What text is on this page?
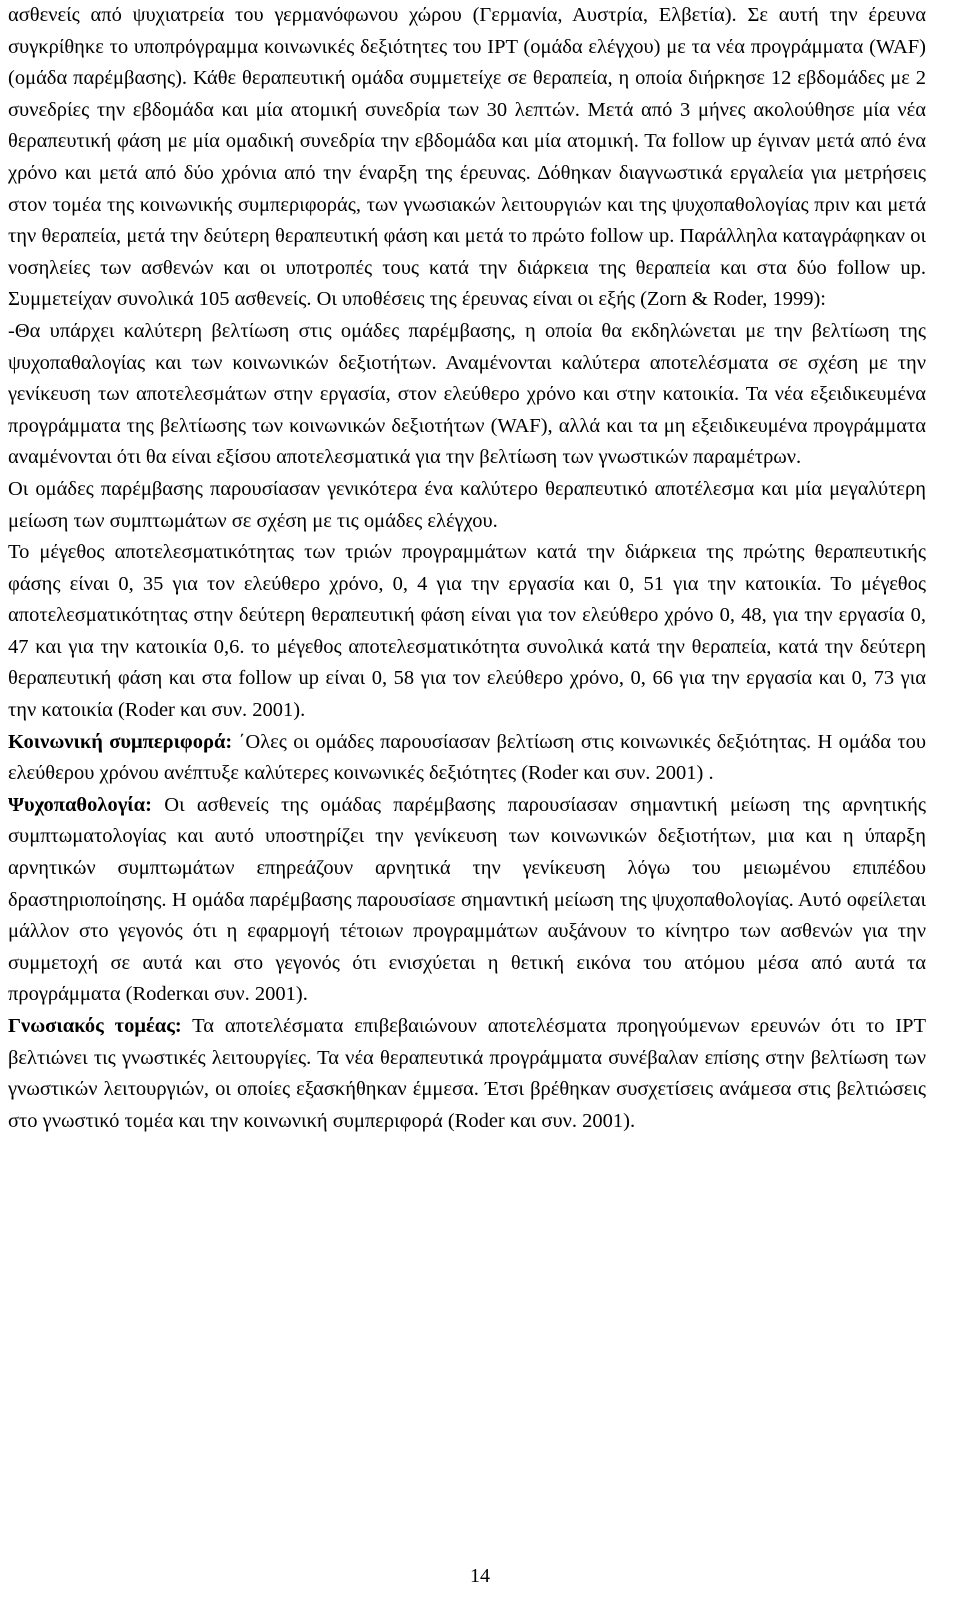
ασθενείς από ψυχιατρεία του γερμανόφωνου χώρου (Γερμανία, Αυστρία, Ελβετία). Σε αυτή την έρευνα συγκρίθηκε το υποπρόγραμμα κοινωνικές δεξιότητες του IPT (ομάδα ελέγχου) με τα νέα προγράμματα (WAF) (ομάδα παρέμβασης). Κάθε θεραπευτική ομάδα συμμετείχε σε θεραπεία, η οποία διήρκησε 12 εβδομάδες με 2 συνεδρίες την εβδομάδα και μία ατομική συνεδρία των 30 λεπτών. Μετά από 3 μήνες ακολούθησε μία νέα θεραπευτική φάση με μία ομαδική συνεδρία την εβδομάδα και μία ατομική. Τα follow up έγιναν μετά από ένα χρόνο και μετά από δύο χρόνια από την έναρξη της έρευνας. Δόθηκαν διαγνωστικά εργαλεία για μετρήσεις στον τομέα της κοινωνικής συμπεριφοράς, των γνωσιακών λειτουργιών και της ψυχοπαθολογίας πριν και μετά την θεραπεία, μετά την δεύτερη θεραπευτική φάση και μετά το πρώτο follow up. Παράλληλα καταγράφηκαν οι νοσηλείες των ασθενών και οι υποτροπές τους κατά την διάρκεια της θεραπεία και στα δύο follow up. Συμμετείχαν συνολικά 105 ασθενείς. Οι υποθέσεις της έρευνας είναι οι εξής (Zorn & Roder, 1999):

-Θα υπάρχει καλύτερη βελτίωση στις ομάδες παρέμβασης, η οποία θα εκδηλώνεται με την βελτίωση της ψυχοπαθαλογίας και των κοινωνικών δεξιοτήτων. Αναμένονται καλύτερα αποτελέσματα σε σχέση με την γενίκευση των αποτελεσμάτων στην εργασία, στον ελεύθερο χρόνο και στην κατοικία. Τα νέα εξειδικευμένα προγράμματα της βελτίωσης των κοινωνικών δεξιοτήτων (WAF), αλλά και τα μη εξειδικευμένα προγράμματα αναμένονται ότι θα είναι εξίσου αποτελεσματικά για την βελτίωση των γνωστικών παραμέτρων.

Οι ομάδες παρέμβασης παρουσίασαν γενικότερα ένα καλύτερο θεραπευτικό αποτέλεσμα και μία μεγαλύτερη μείωση των συμπτωμάτων σε σχέση με τις ομάδες ελέγχου.

Το μέγεθος αποτελεσματικότητας των τριών προγραμμάτων κατά την διάρκεια της πρώτης θεραπευτικής φάσης είναι 0, 35 για τον ελεύθερο χρόνο, 0, 4 για την εργασία και 0, 51 για την κατοικία. Το μέγεθος αποτελεσματικότητας στην δεύτερη θεραπευτική φάση είναι για τον ελεύθερο χρόνο 0, 48, για την εργασία 0, 47 και για την κατοικία 0,6. το μέγεθος αποτελεσματικότητα συνολικά κατά την θεραπεία, κατά την δεύτερη θεραπευτική φάση και στα follow up είναι 0, 58 για τον ελεύθερο χρόνο, 0, 66 για την εργασία και 0, 73 για την κατοικία (Roder και συν. 2001).

Κοινωνική συμπεριφορά: ΄Ολες οι ομάδες παρουσίασαν βελτίωση στις κοινωνικές δεξιότητας. Η ομάδα του ελεύθερου χρόνου ανέπτυξε καλύτερες κοινωνικές δεξιότητες (Roder και συν. 2001) .

Ψυχοπαθολογία: Οι ασθενείς της ομάδας παρέμβασης παρουσίασαν σημαντική μείωση της αρνητικής συμπτωματολογίας και αυτό υποστηρίζει την γενίκευση των κοινωνικών δεξιοτήτων, μια και η ύπαρξη αρνητικών συμπτωμάτων επηρεάζουν αρνητικά την γενίκευση λόγω του μειωμένου επιπέδου δραστηριοποίησης. Η ομάδα παρέμβασης παρουσίασε σημαντική μείωση της ψυχοπαθολογίας. Αυτό οφείλεται μάλλον στο γεγονός ότι η εφαρμογή τέτοιων προγραμμάτων αυξάνουν το κίνητρο των ασθενών για την συμμετοχή σε αυτά και στο γεγονός ότι ενισχύεται η θετική εικόνα του ατόμου μέσα από αυτά τα προγράμματα (Roderκαι συν. 2001).

Γνωσιακός τομέας: Τα αποτελέσματα επιβεβαιώνουν αποτελέσματα προηγούμενων ερευνών ότι το IPT βελτιώνει τις γνωστικές λειτουργίες. Τα νέα θεραπευτικά προγράμματα συνέβαλαν επίσης στην βελτίωση των γνωστικών λειτουργιών, οι οποίες εξασκήθηκαν έμμεσα. Έτσι βρέθηκαν συσχετίσεις ανάμεσα στις βελτιώσεις στο γνωστικό τομέα και την κοινωνική συμπεριφορά (Roder και συν. 2001).

14
